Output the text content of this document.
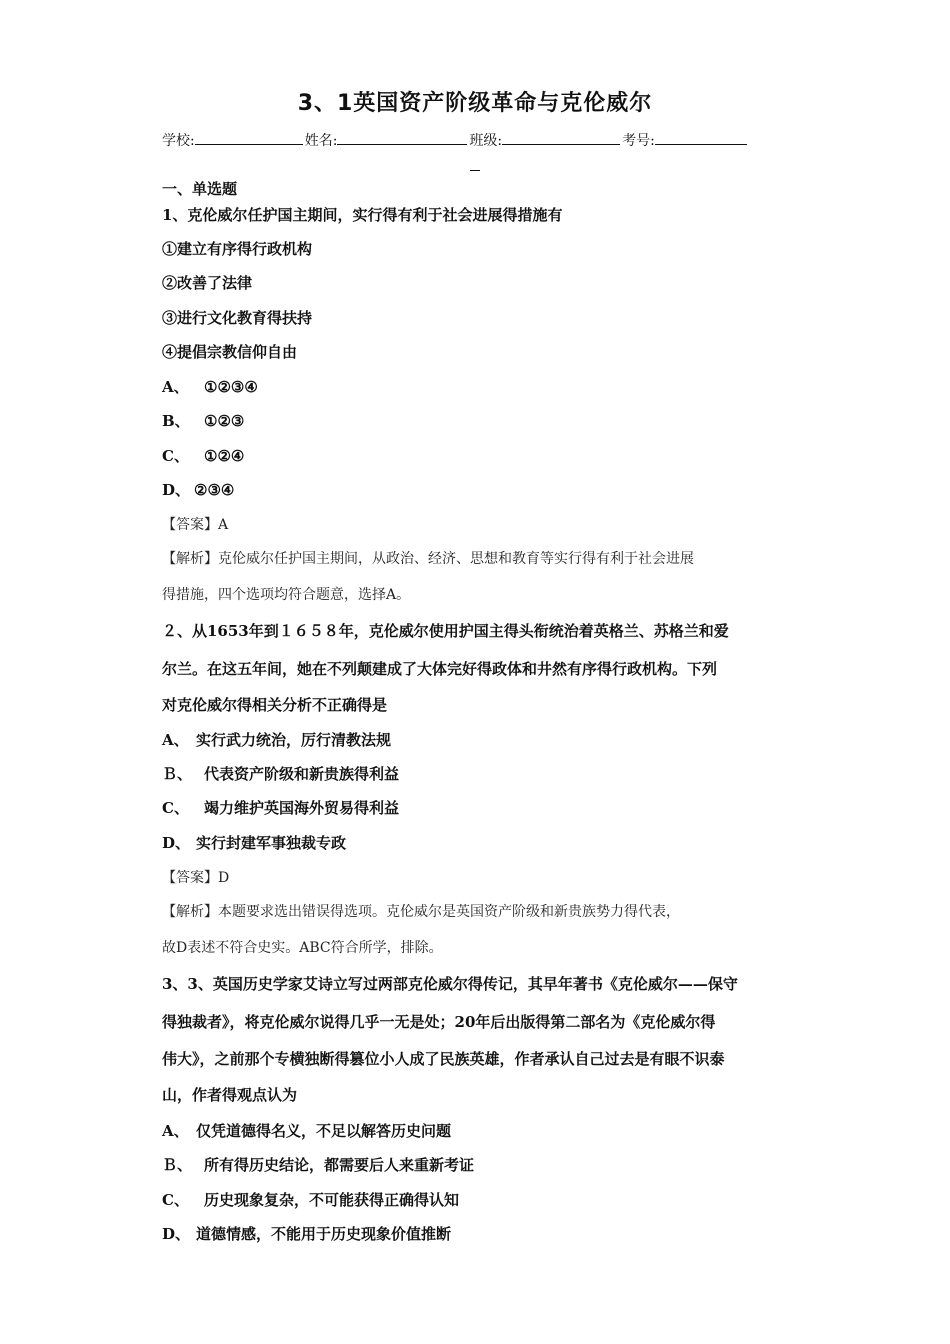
3、1英国资产阶级革命与克伦威尔
学校:	姓名:	班级:	考号:
一、单选题
1、克伦威尔任护国主期间，实行得有利于社会进展得措施有
①建立有序得行政机构
②改善了法律
③进行文化教育得扶持
④提倡宗教信仰自由
A、 ①②③④
B、 ①②③
C、 ①②④
D、 ②③④
【答案】A
【解析】克伦威尔任护国主期间，从政治、经济、思想和教育等实行得有利于社会进展
得措施，四个选项均符合题意，选择A。
２、从1653年到１６５８年，克伦威尔使用护国主得头衔统治着英格兰、苏格兰和爱
尔兰。在这五年间，她在不列颠建成了大体完好得政体和井然有序得行政机构。下列
对克伦威尔得相关分析不正确得是
A、 实行武力统治，厉行清教法规
Ｂ、 代表资产阶级和新贵族得利益
C、 竭力维护英国海外贸易得利益
D、 实行封建军事独裁专政
【答案】D
【解析】本题要求选出错误得选项。克伦威尔是英国资产阶级和新贵族势力得代表，
故D表述不符合史实。ABC符合所学，排除。
3、3、英国历史学家艾诗立写过两部克伦威尔得传记，其早年著书《克伦威尔——保守
得独裁者》，将克伦威尔说得几乎一无是处；20年后出版得第二部名为《克伦威尔得
伟大》，之前那个专横独断得篡位小人成了民族英雄，作者承认自己过去是有眼不识泰
山，作者得观点认为
A、 仅凭道德得名义，不足以解答历史问题
Ｂ、 所有得历史结论，都需要后人来重新考证
C、 历史现象复杂，不可能获得正确得认知
D、 道德情感，不能用于历史现象价值推断
